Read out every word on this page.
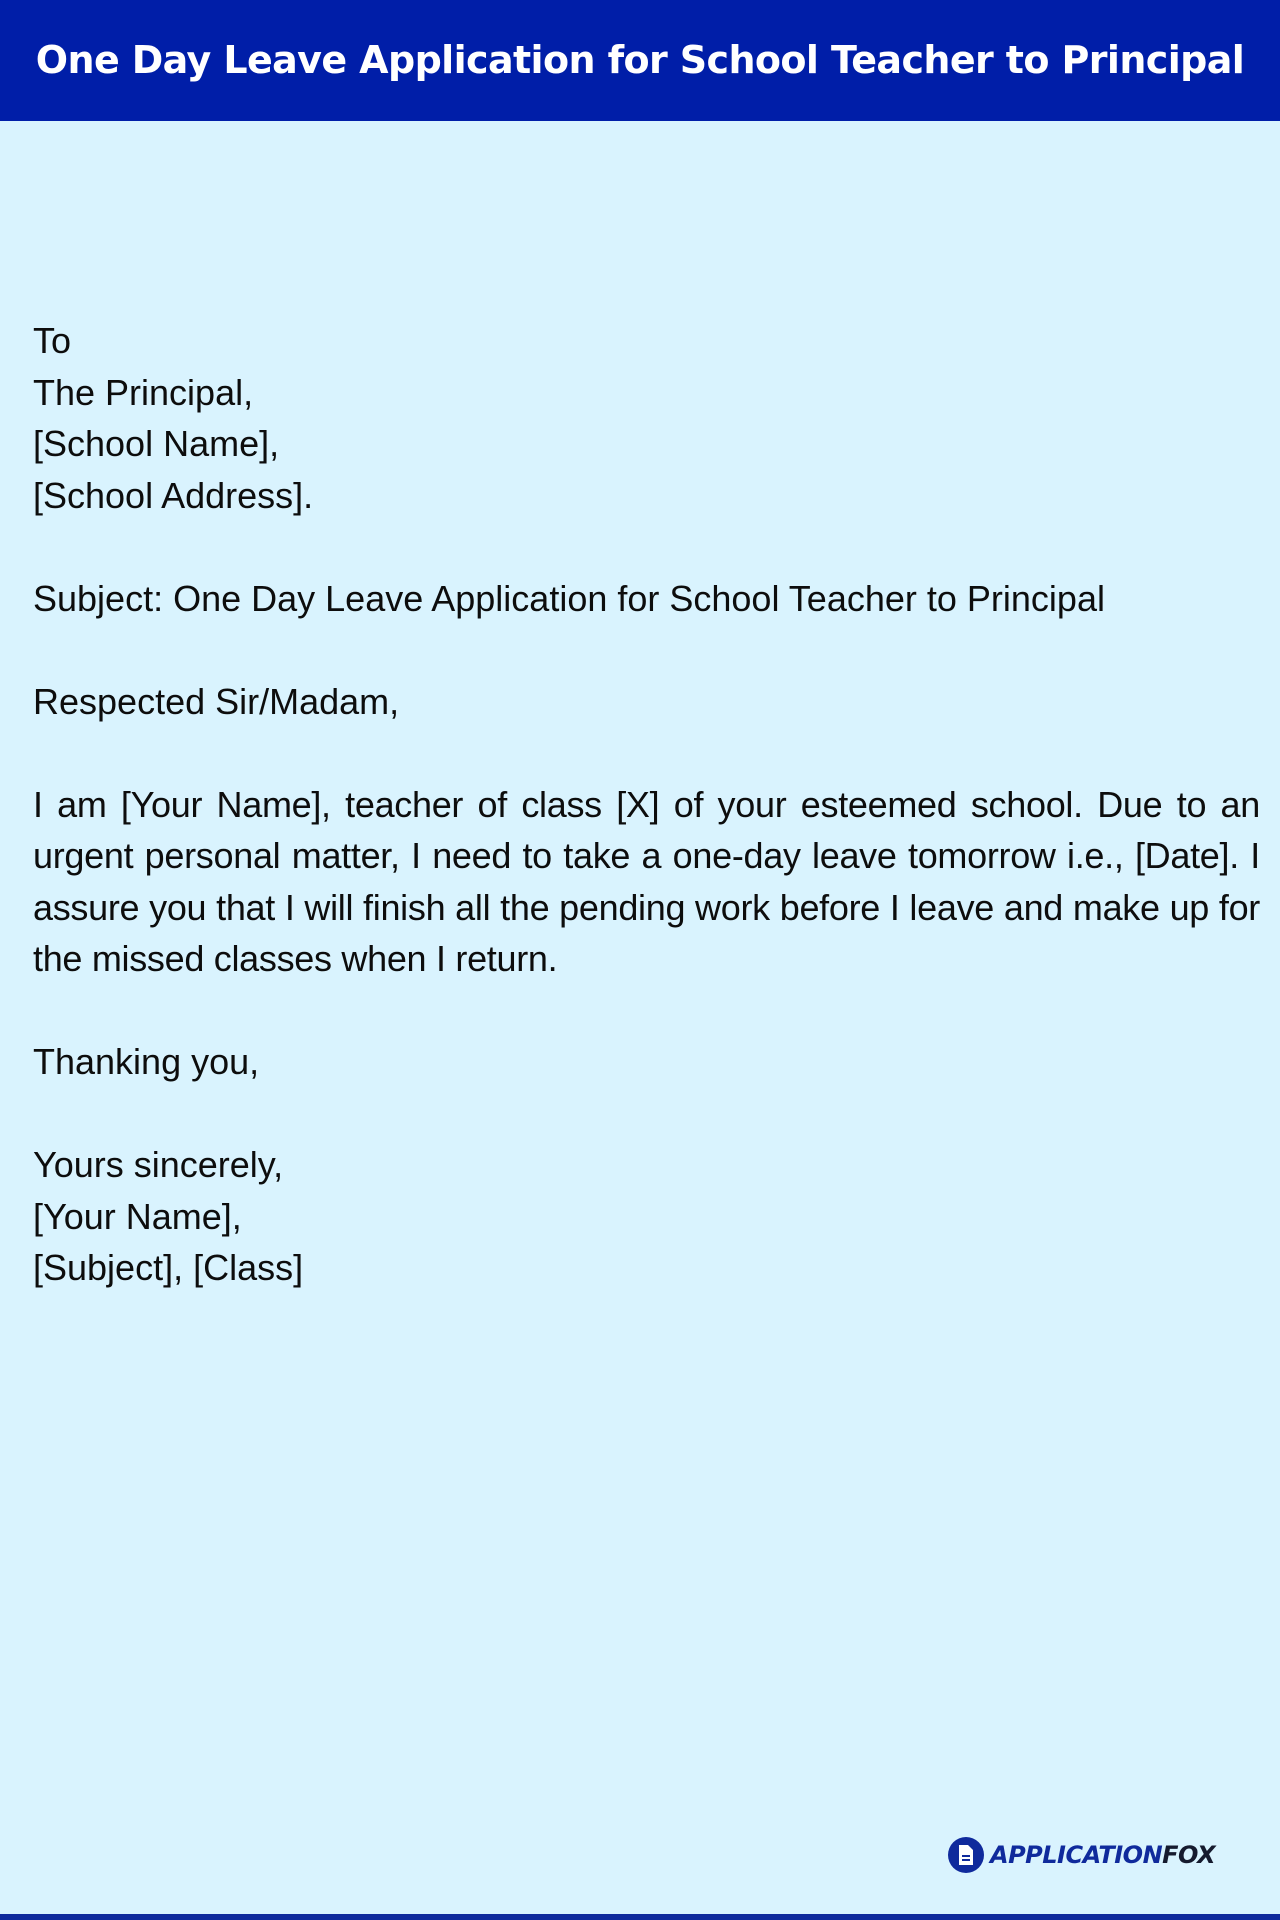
One Day Leave Application for School Teacher to Principal
To
The Principal,
[School Name],
[School Address].
Subject: One Day Leave Application for School Teacher to Principal
Respected Sir/Madam,
I am [Your Name], teacher of class [X] of your esteemed school. Due to an urgent personal matter, I need to take a one-day leave tomorrow i.e., [Date]. I assure you that I will finish all the pending work before I leave and make up for the missed classes when I return.
Thanking you,
Yours sincerely,
[Your Name],
[Subject], [Class]
APPLICATIONFOX
